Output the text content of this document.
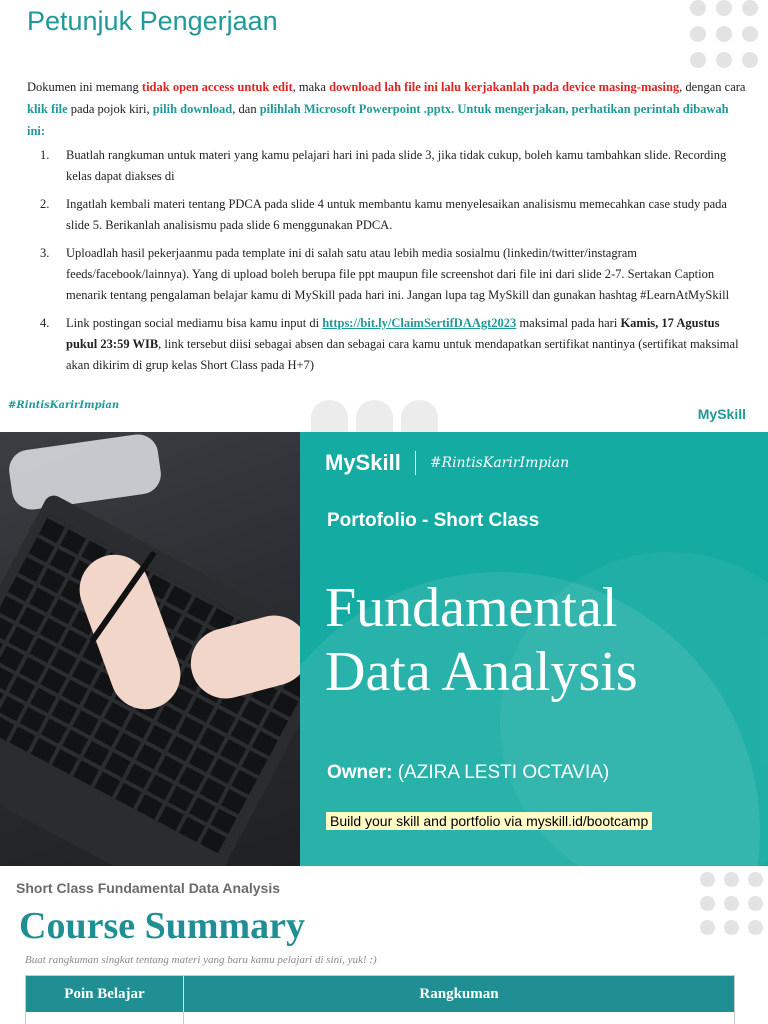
Petunjuk Pengerjaan

Dokumen ini memang tidak open access untuk edit, maka download lah file ini lalu kerjakanlah pada device masing-masing, dengan cara klik file pada pojok kiri, pilih download, dan pilihlah Microsoft Powerpoint .pptx. Untuk mengerjakan, perhatikan perintah dibawah ini:

1.	Buatlah rangkuman untuk materi yang kamu pelajari hari ini pada slide 3, jika tidak cukup, boleh kamu tambahkan slide. Recording kelas dapat diakses di
2.	Ingatlah kembali materi tentang PDCA pada slide 4 untuk membantu kamu menyelesaikan analisismu memecahkan case study pada slide 5. Berikanlah analisismu pada slide 6 menggunakan PDCA.
3.	Uploadlah hasil pekerjaanmu pada template ini di salah satu atau lebih media sosialmu (linkedin/twitter/instagram feeds/facebook/lainnya). Yang di upload boleh berupa file ppt maupun file screenshot dari file ini dari slide 2-7. Sertakan Caption menarik tentang pengalaman belajar kamu di MySkill pada hari ini. Jangan lupa tag MySkill dan gunakan hashtag #LearnAtMySkill
4.	Link postingan social mediamu bisa kamu input di https://bit.ly/ClaimSertifDAAgt2023 maksimal pada hari Kamis, 17 Agustus pukul 23:59 WIB, link tersebut diisi sebagai absen dan sebagai cara kamu untuk mendapatkan sertifikat nantinya (sertifikat maksimal akan dikirim di grup kelas Short Class pada H+7)
#RintisKarirImpian
MySkill
MySkill #RintisKarirImpian
Portofolio - Short Class
Fundamental
Data Analysis
Owner: (AZIRA LESTI OCTAVIA)
Build your skill and portfolio via myskill.id/bootcamp
Short Class Fundamental Data Analysis
Course Summary
Buat rangkuman singkat tentang materi yang baru kamu pelajari di sini, yuk! :)
Poin Belajar	Rangkuman
